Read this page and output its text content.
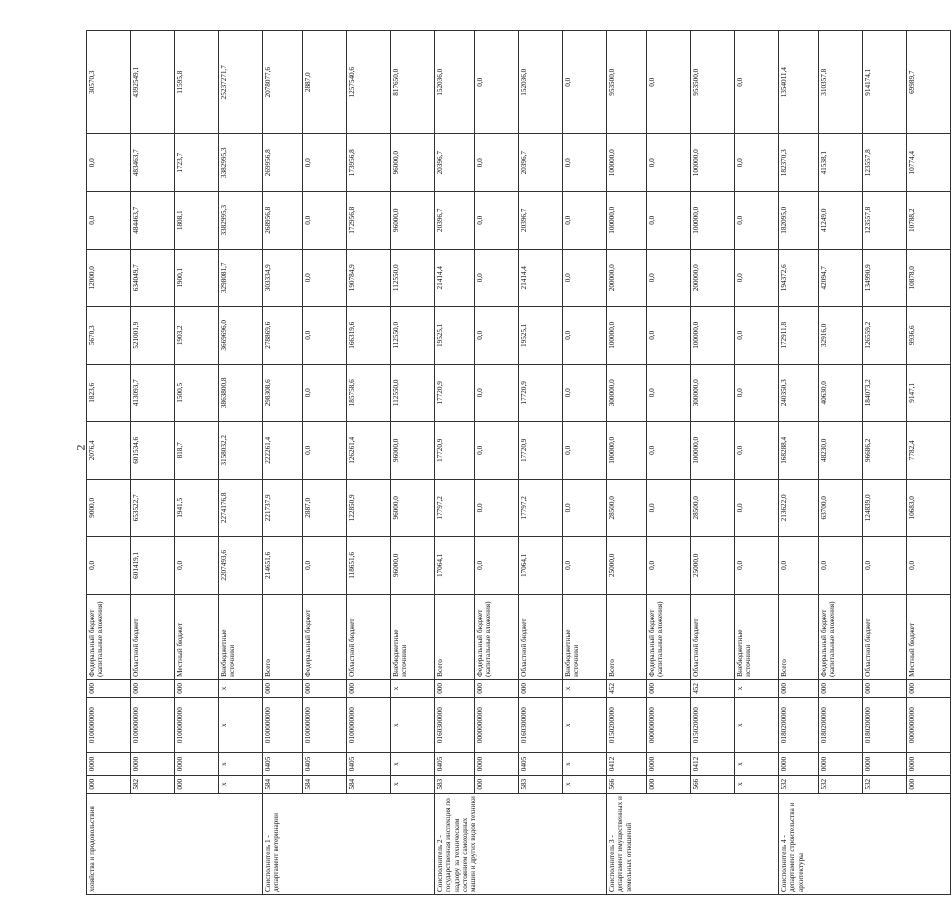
2
хозяйства и продовольствия	000	0000	0100000000	000	Федеральный бюджет (капитальные вложения)	0,0	9000,0	2076,4	1823,6	5670,3	12000,0	0,0	0,0	30570,3
	582	0000	0100000000	000	Областной бюджет	601419,1	653522,7	601534,6	413093,7	521001,9	634049,7	484463,7	483463,7	4392549,1
	000	0000	0100000000	000	Местный бюджет	0,0	1941,5	818,7	1500,5	1903,2	1900,1	1808,1	1723,7	11595,8
	x	x	x	x	Внебюджетные источники	2207493,6	2274176,8	3158032,2	3863800,8	3669696,0	3298081,7	3382995,3	3382995,3	25237271,7
Соисполнитель 1 - департамент ветеринарии	584	0405	0100000000	000	Всего	214651,6	221737,9	222261,4	298308,6	278869,6	303334,9	268956,8	269956,8	2078077,6
	584	0405	0100000000	000	Федеральный бюджет	0,0	2887,0	0,0	0,0	0,0	0,0	0,0	0,0	2887,0
	584	0405	0100000000	000	Областной бюджет	118651,6	122850,9	126261,4	185758,6	166319,6	190784,9	172956,8	173956,8	1257540,6
	x	x	x	x	Внебюджетные источники	96000,0	96000,0	96000,0	112550,0	112550,0	112550,0	96000,0	96000,0	817650,0
Соисполнитель 2 - государственная инспекция по надзору за техническим состоянием самоходных машин и других видов техники	583	0405	0160300000	000	Всего	17064,1	17797,2	17720,9	17720,9	19525,1	21414,4	20396,7	20396,7	152036,0
	000	0000	0000000000	000	Федеральный бюджет (капитальные вложения)	0,0	0,0	0,0	0,0	0,0	0,0	0,0	0,0	0,0
	583	0405	0160300000	000	Областной бюджет	17064,1	17797,2	17720,9	17720,9	19525,1	21414,4	20396,7	20396,7	152036,0
	x	x	x	x	Внебюджетные источники	0,0	0,0	0,0	0,0	0,0	0,0	0,0	0,0	0,0
Соисполнитель 3 - департамент имущественных и земельных отношений	566	0412	0150200000	452	Всего	25000,0	28500,0	100000,0	300000,0	100000,0	200000,0	100000,0	100000,0	953500,0
	000	0000	0000000000	000	Федеральный бюджет (капитальные вложения)	0,0	0,0	0,0	0,0	0,0	0,0	0,0	0,0	0,0
	566	0412	0150200000	452	Областной бюджет	25000,0	28500,0	100000,0	300000,0	100000,0	200000,0	100000,0	100000,0	953500,0
	x	x	x	x	Внебюджетные источники	0,0	0,0	0,0	0,0	0,0	0,0	0,0	0,0	0,0
Соисполнитель 4 - департамент строительства и архитектуры	532	0000	0180200000	000	Всего	0,0	213622,0	168288,4	240350,3	172911,8	194372,6	182095,0	182370,3	1354011,4
	532	0000	0180200000	000	Федеральный бюджет (капитальные вложения)	0,0	63700,0	48230,0	40630,0	32916,0	42094,7	41249,0	41538,1	310357,8
	532	0000	0180200000	000	Областной бюджет	0,0	124839,0	96686,2	184073,2	126559,2	134990,9	123557,8	123557,8	914174,1
	000	0000	0000000000	000	Местный бюджет	0,0	10683,0	7782,4	9147,1	9936,6	10878,0	10788,2	10774,4	69989,7
